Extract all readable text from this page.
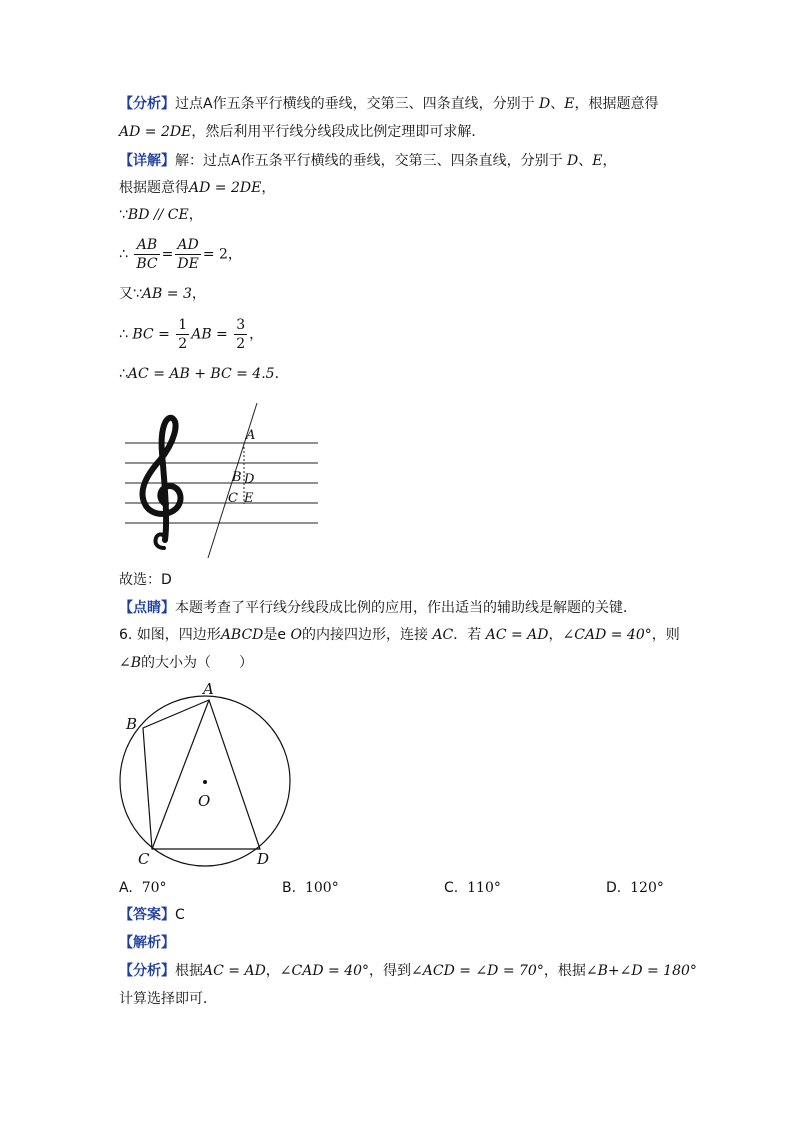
【分析】过点A作五条平行横线的垂线，交第三、四条直线，分别于 D、E，根据题意得
AD = 2DE，然后利用平行线分线段成比例定理即可求解．
【详解】解：过点A作五条平行横线的垂线，交第三、四条直线，分别于 D、E，
根据题意得AD = 2DE，
∵BD // CE，
∴ $\frac{AB}{BC} = \frac{AD}{DE} = 2$，
又∵AB = 3，
∴ BC = $\frac{1}{2}$ AB = $\frac{3}{2}$ ，
∴AC = AB + BC = 4.5．
A
B D
C E
故选：D
【点睛】本题考查了平行线分线段成比例的应用，作出适当的辅助线是解题的关键．
6. 如图，四边形ABCD是e O的内接四边形，连接 AC．若 AC = AD，∠CAD = 40°，则
∠B的大小为（　　）
A
B
O
C	D
A. 70°	B. 100°	C. 110°	D. 120°
【答案】C
【解析】
【分析】根据AC = AD，∠CAD = 40°，得到∠ACD = ∠D = 70°，根据∠B+∠D = 180°
计算选择即可．
